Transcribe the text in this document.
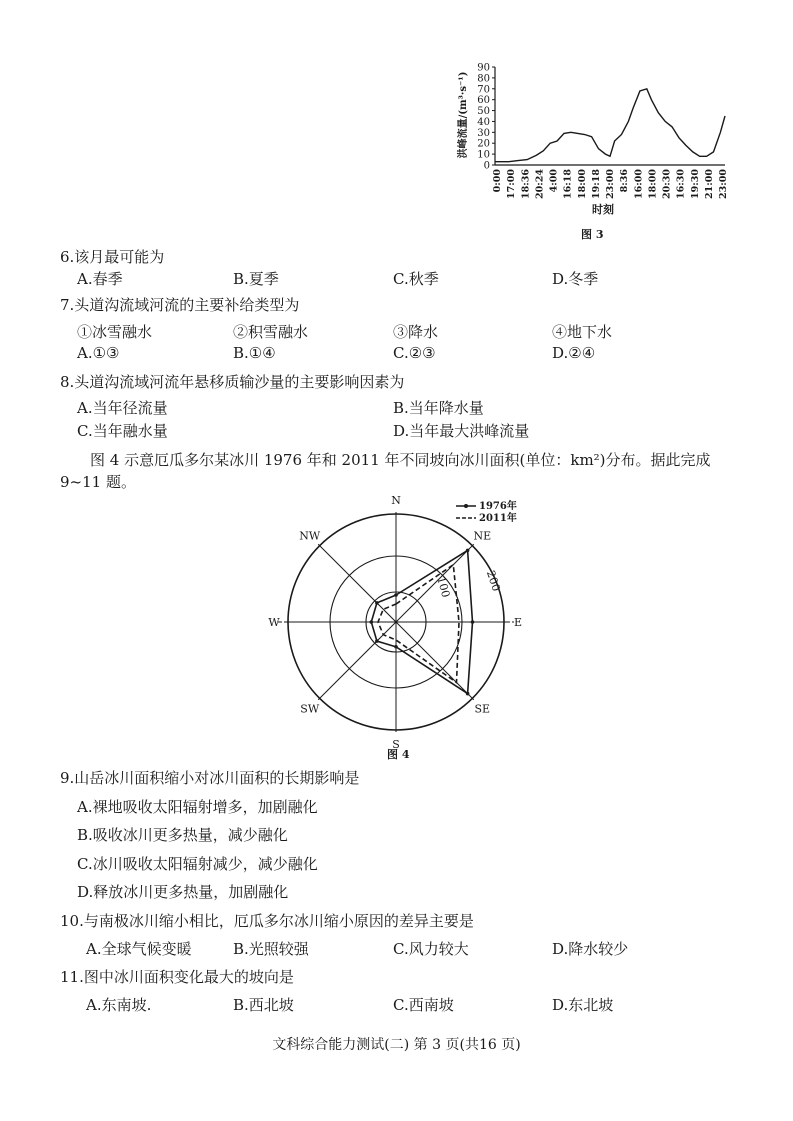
0
10
20
30
40
50
60
70
80
90
0:00 17:00 18:36 20:24 4:00 16:18 18:00 19:18 23:00 8:36 16:00 18:00 20:30 16:30 19:30 21:00 23:00
洪峰流量/(m³·s⁻¹)
时刻
图 3
6.该月最可能为
A.春季	B.夏季	C.秋季	D.冬季
7.头道沟流域河流的主要补给类型为
①冰雪融水	②积雪融水	③降水	④地下水
A.①③	B.①④	C.②③	D.②④
8.头道沟流域河流年悬移质输沙量的主要影响因素为
A.当年径流量	B.当年降水量
C.当年融水量	D.当年最大洪峰流量
图 4 示意厄瓜多尔某冰川 1976 年和 2011 年不同坡向冰川面积(单位：km²)分布。据此完成 9~11 题。
N
NE
E
SE
S
SW
W
NW
100	200
1976年
2011年
图 4
9.山岳冰川面积缩小对冰川面积的长期影响是
A.裸地吸收太阳辐射增多，加剧融化
B.吸收冰川更多热量，减少融化
C.冰川吸收太阳辐射减少，减少融化
D.释放冰川更多热量，加剧融化
10.与南极冰川缩小相比，厄瓜多尔冰川缩小原因的差异主要是
A.全球气候变暖	B.光照较强	C.风力较大	D.降水较少
11.图中冰川面积变化最大的坡向是
A.东南坡.	B.西北坡	C.西南坡	D.东北坡
文科综合能力测试(二) 第 3 页(共16 页)
